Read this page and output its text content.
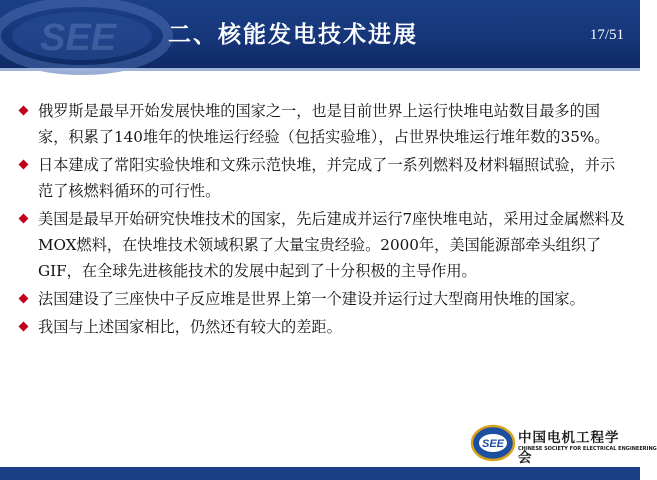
SEE 二、核能发电技术进展	17/51
俄罗斯是最早开始发展快堆的国家之一，也是目前世界上运行快堆电站数目最多的国家，积累了140堆年的快堆运行经验（包括实验堆），占世界快堆运行堆年数的35%。
日本建成了常阳实验快堆和文殊示范快堆，并完成了一系列燃料及材料辐照试验，并示范了核燃料循环的可行性。
美国是最早开始研究快堆技术的国家，先后建成并运行7座快堆电站，采用过金属燃料及MOX燃料，在快堆技术领域积累了大量宝贵经验。2000年，美国能源部牵头组织了GIF，在全球先进核能技术的发展中起到了十分积极的主导作用。
法国建设了三座快中子反应堆是世界上第一个建设并运行过大型商用快堆的国家。
我国与上述国家相比，仍然还有较大的差距。
SEE 中国电机工程学会
CHINESE SOCIETY FOR ELECTRICAL ENGINEERING
